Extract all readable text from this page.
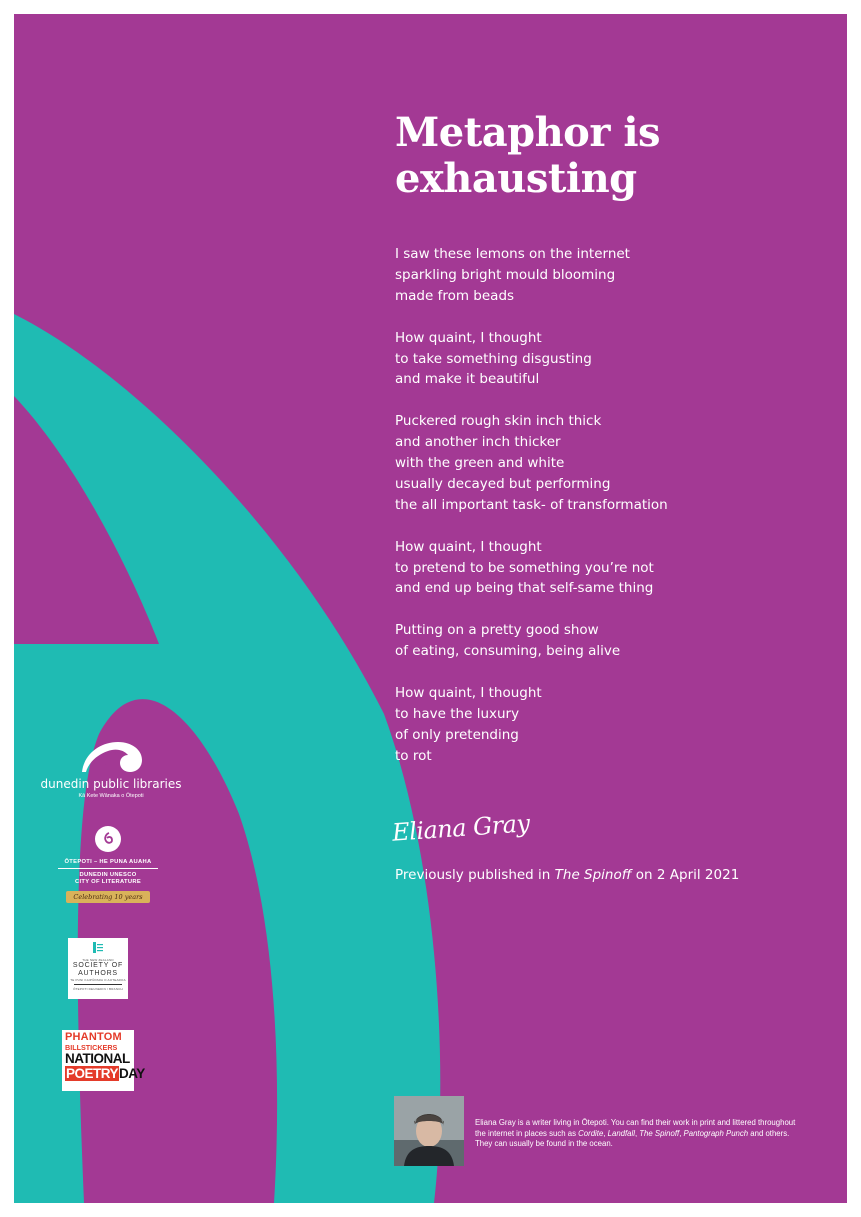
Metaphor is
exhausting

I saw these lemons on the internet
sparkling bright mould blooming
made from beads

How quaint, I thought
to take something disgusting
and make it beautiful

Puckered rough skin inch thick
and another inch thicker
with the green and white
usually decayed but performing
the all important task- of transformation

How quaint, I thought
to pretend to be something you’re not
and end up being that self-same thing

Putting on a pretty good show
of eating, consuming, being alive

How quaint, I thought
to have the luxury
of only pretending
to rot

Eliana Gray
Previously published in The Spinoff on 2 April 2021
dunedin public libraries
Kā Kete Wānaka o Ōtepoti
ŌTEPOTI – HE PUNA AUAHA
DUNEDIN UNESCO
CITY OF LITERATURE
Celebrating 10 years
THE NEW ZEALAND
SOCIETY OF
AUTHORS
TE PUNI KAIPŪPARA O AOTEAROA
ŌTEPOTI DEUNEDIN / BRANCH
PHANTOM
BILLSTICKERS
NATIONAL
POETRYDAY
Eliana Gray is a writer living in Ōtepoti. You can find their work in print and littered throughout the internet in places such as Cordite, Landfall, The Spinoff, Pantograph Punch and others. They can usually be found in the ocean.
